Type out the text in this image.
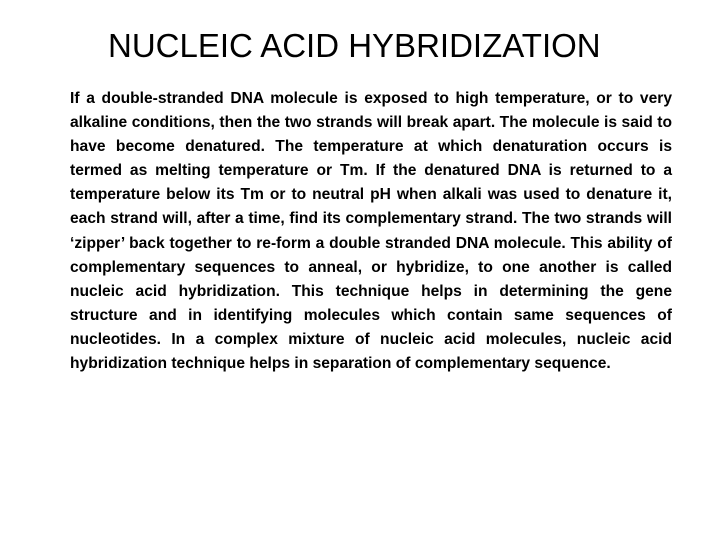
NUCLEIC ACID HYBRIDIZATION

If a double-stranded DNA molecule is exposed to high temperature, or to very alkaline conditions, then the two strands will break apart. The molecule is said to have become denatured. The temperature at which denaturation occurs is termed as melting temperature or Tm. If the denatured DNA is returned to a temperature below its Tm or to neutral pH when alkali was used to denature it, each strand will, after a time, find its complementary strand. The two strands will ‘zipper’ back together to re-form a double stranded DNA molecule. This ability of complementary sequences to anneal, or hybridize, to one another is called nucleic acid hybridization. This technique helps in determining the gene structure and in identifying molecules which contain same sequences of nucleotides. In a complex mixture of nucleic acid molecules, nucleic acid hybridization technique helps in separation of complementary sequence.
